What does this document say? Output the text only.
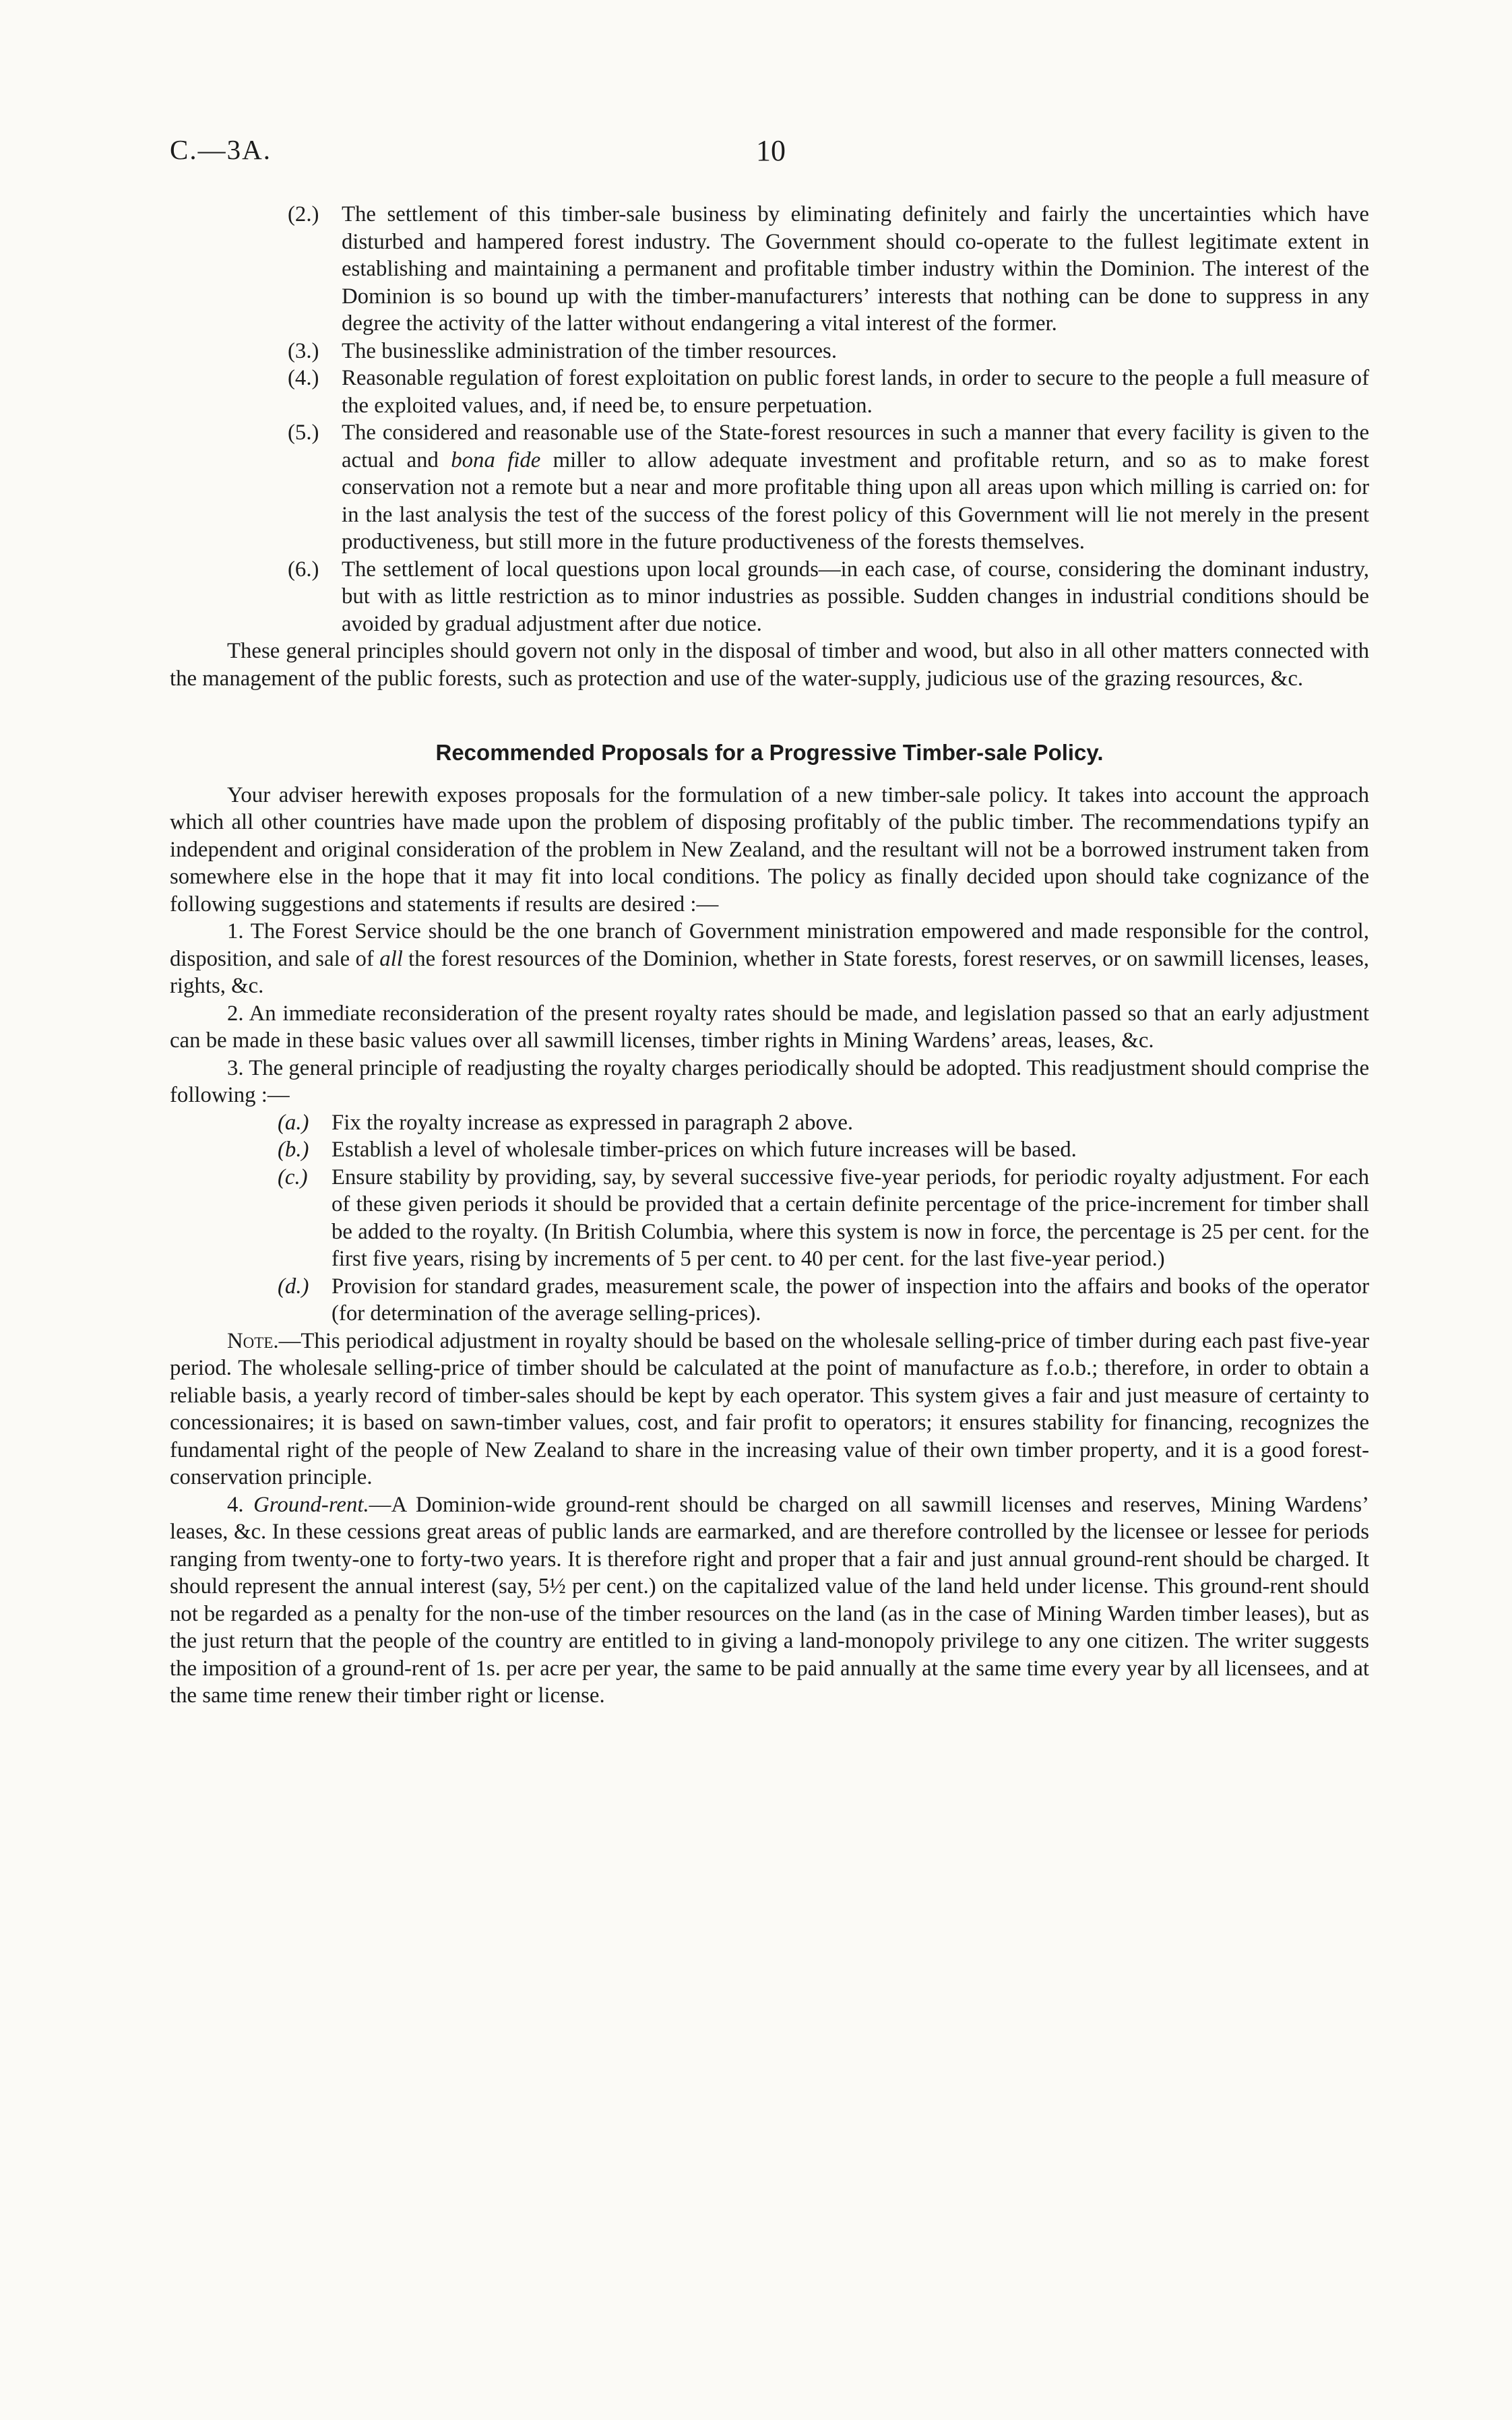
C.—3A.	10
(2.)	The settlement of this timber-sale business by eliminating definitely and fairly the uncertainties which have disturbed and hampered forest industry. The Government should co-operate to the fullest legitimate extent in establishing and maintaining a permanent and profitable timber industry within the Dominion. The interest of the Dominion is so bound up with the timber-manufacturers’ interests that nothing can be done to suppress in any degree the activity of the latter without endangering a vital interest of the former.
(3.)	The businesslike administration of the timber resources.
(4.)	Reasonable regulation of forest exploitation on public forest lands, in order to secure to the people a full measure of the exploited values, and, if need be, to ensure perpetuation.
(5.)	The considered and reasonable use of the State-forest resources in such a manner that every facility is given to the actual and bona fide miller to allow adequate investment and profitable return, and so as to make forest conservation not a remote but a near and more profitable thing upon all areas upon which milling is carried on: for in the last analysis the test of the success of the forest policy of this Government will lie not merely in the present productiveness, but still more in the future productiveness of the forests themselves.
(6.)	The settlement of local questions upon local grounds—in each case, of course, considering the dominant industry, but with as little restriction as to minor industries as possible. Sudden changes in industrial conditions should be avoided by gradual adjustment after due notice.

These general principles should govern not only in the disposal of timber and wood, but also in all other matters connected with the management of the public forests, such as protection and use of the water-supply, judicious use of the grazing resources, &c.

Recommended Proposals for a Progressive Timber-sale Policy.

Your adviser herewith exposes proposals for the formulation of a new timber-sale policy. It takes into account the approach which all other countries have made upon the problem of disposing profitably of the public timber. The recommendations typify an independent and original consideration of the problem in New Zealand, and the resultant will not be a borrowed instrument taken from somewhere else in the hope that it may fit into local conditions. The policy as finally decided upon should take cognizance of the following suggestions and statements if results are desired :—

1. The Forest Service should be the one branch of Government ministration empowered and made responsible for the control, disposition, and sale of all the forest resources of the Dominion, whether in State forests, forest reserves, or on sawmill licenses, leases, rights, &c.

2. An immediate reconsideration of the present royalty rates should be made, and legislation passed so that an early adjustment can be made in these basic values over all sawmill licenses, timber rights in Mining Wardens’ areas, leases, &c.

3. The general principle of readjusting the royalty charges periodically should be adopted. This readjustment should comprise the following :—

(a.)	Fix the royalty increase as expressed in paragraph 2 above.
(b.)	Establish a level of wholesale timber-prices on which future increases will be based.
(c.)	Ensure stability by providing, say, by several successive five-year periods, for periodic royalty adjustment. For each of these given periods it should be provided that a certain definite percentage of the price-increment for timber shall be added to the royalty. (In British Columbia, where this system is now in force, the percentage is 25 per cent. for the first five years, rising by increments of 5 per cent. to 40 per cent. for the last five-year period.)
(d.)	Provision for standard grades, measurement scale, the power of inspection into the affairs and books of the operator (for determination of the average selling-prices).

Note.—This periodical adjustment in royalty should be based on the wholesale selling-price of timber during each past five-year period. The wholesale selling-price of timber should be calculated at the point of manufacture as f.o.b.; therefore, in order to obtain a reliable basis, a yearly record of timber-sales should be kept by each operator. This system gives a fair and just measure of certainty to concessionaires; it is based on sawn-timber values, cost, and fair profit to operators; it ensures stability for financing, recognizes the fundamental right of the people of New Zealand to share in the increasing value of their own timber property, and it is a good forest-conservation principle.

4. Ground-rent.—A Dominion-wide ground-rent should be charged on all sawmill licenses and reserves, Mining Wardens’ leases, &c. In these cessions great areas of public lands are earmarked, and are therefore controlled by the licensee or lessee for periods ranging from twenty-one to forty-two years. It is therefore right and proper that a fair and just annual ground-rent should be charged. It should represent the annual interest (say, 5½ per cent.) on the capitalized value of the land held under license. This ground-rent should not be regarded as a penalty for the non-use of the timber resources on the land (as in the case of Mining Warden timber leases), but as the just return that the people of the country are entitled to in giving a land-monopoly privilege to any one citizen. The writer suggests the imposition of a ground-rent of 1s. per acre per year, the same to be paid annually at the same time every year by all licensees, and at the same time renew their timber right or license.
